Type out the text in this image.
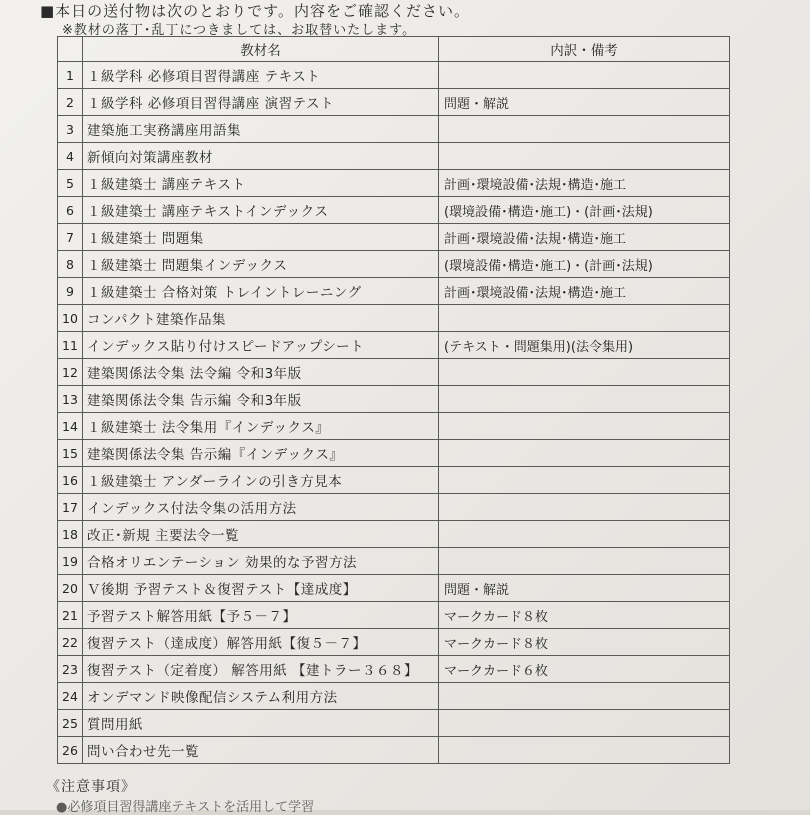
■本日の送付物は次のとおりです。内容をご確認ください。
※教材の落丁･乱丁につきましては、お取替いたします。
	教材名	内訳・備考
1	１級学科 必修項目習得講座 テキスト	
2	１級学科 必修項目習得講座 演習テスト	問題・解説
3	建築施工実務講座用語集	
4	新傾向対策講座教材	
5	１級建築士 講座テキスト	計画･環境設備･法規･構造･施工
6	１級建築士 講座テキストインデックス	(環境設備･構造･施工)・(計画･法規)
7	１級建築士 問題集	計画･環境設備･法規･構造･施工
8	１級建築士 問題集インデックス	(環境設備･構造･施工)・(計画･法規)
9	１級建築士 合格対策 トレイントレーニング	計画･環境設備･法規･構造･施工
10	コンパクト建築作品集	
11	インデックス貼り付けスピードアップシート	(テキスト・問題集用)(法令集用)
12	建築関係法令集 法令編 令和3年版	
13	建築関係法令集 告示編 令和3年版	
14	１級建築士 法令集用『インデックス』	
15	建築関係法令集 告示編『インデックス』	
16	１級建築士 アンダーラインの引き方見本	
17	インデックス付法令集の活用方法	
18	改正･新規 主要法令一覧	
19	合格オリエンテーション 効果的な予習方法	
20	Ｖ後期 予習テスト＆復習テスト【達成度】	問題・解説
21	予習テスト解答用紙【予５－７】	マークカード８枚
22	復習テスト（達成度）解答用紙【復５－７】	マークカード８枚
23	復習テスト（定着度） 解答用紙 【建トラー３６８】	マークカード６枚
24	オンデマンド映像配信システム利用方法	
25	質問用紙	
26	問い合わせ先一覧	
《注意事項》
●必修項目習得講座テキストを活用して学習
